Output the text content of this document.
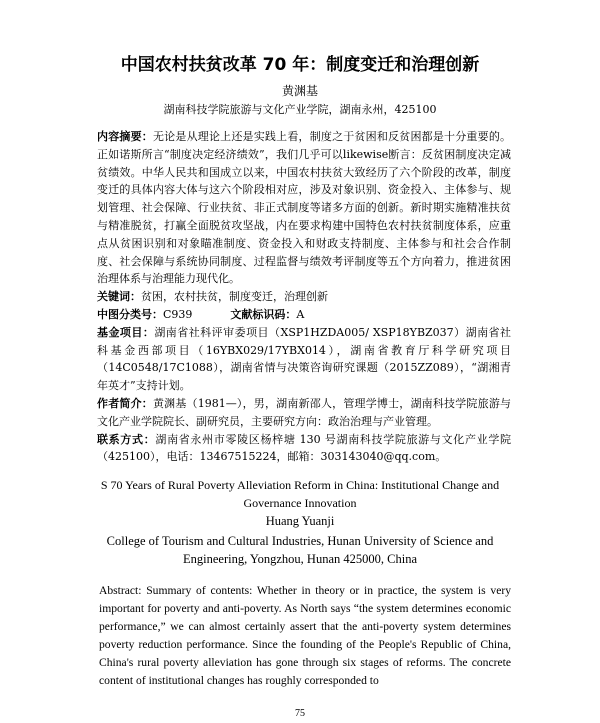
中国农村扶贫改革 70 年：制度变迁和治理创新
黄渊基
湖南科技学院旅游与文化产业学院，湖南永州，425100

内容摘要：无论是从理论上还是实践上看，制度之于贫困和反贫困都是十分重要的。正如诺斯所言“制度决定经济绩效”，我们几乎可以likewise断言：反贫困制度决定减贫绩效。中华人民共和国成立以来，中国农村扶贫大致经历了六个阶段的改革，制度变迁的具体内容大体与这六个阶段相对应，涉及对象识别、资金投入、主体参与、规划管理、社会保障、行业扶贫、非正式制度等诸多方面的创新。新时期实施精准扶贫与精准脱贫，打赢全面脱贫攻坚战，内在要求构建中国特色农村扶贫制度体系，应重点从贫困识别和对象瞄准制度、资金投入和财政支持制度、主体参与和社会合作制度、社会保障与系统协同制度、过程监督与绩效考评制度等五个方向着力，推进贫困治理体系与治理能力现代化。

关键词：贫困，农村扶贫，制度变迁，治理创新

中图分类号：C939	文献标识码：A

基金项目：湖南省社科评审委项目（XSP1HZDA005/ XSP18YBZ037）湖南省社科基金西部项目（16YBX029/17YBX014），湖南省教育厅科学研究项目（14C0548/17C1088），湖南省情与决策咨询研究课题（2015ZZ089），“湖湘青年英才”支持计划。

作者简介：黄渊基（1981—），男，湖南新邵人，管理学博士，湖南科技学院旅游与文化产业学院院长、副研究员，主要研究方向：政治治理与产业管理。

联系方式：湖南省永州市零陵区杨梓塘 130 号湖南科技学院旅游与文化产业学院（425100），电话：13467515224，邮箱：303143040@qq.com。

S 70 Years of Rural Poverty Alleviation Reform in China: Institutional Change and Governance Innovation
Huang Yuanji
College of Tourism and Cultural Industries, Hunan University of Science and Engineering, Yongzhou, Hunan 425000, China

Abstract: Summary of contents: Whether in theory or in practice, the system is very important for poverty and anti-poverty. As North says “the system determines economic performance,” we can almost certainly assert that the anti-poverty system determines poverty reduction performance. Since the founding of the People's Republic of China, China's rural poverty alleviation has gone through six stages of reforms. The concrete content of institutional changes has roughly corresponded to

75
